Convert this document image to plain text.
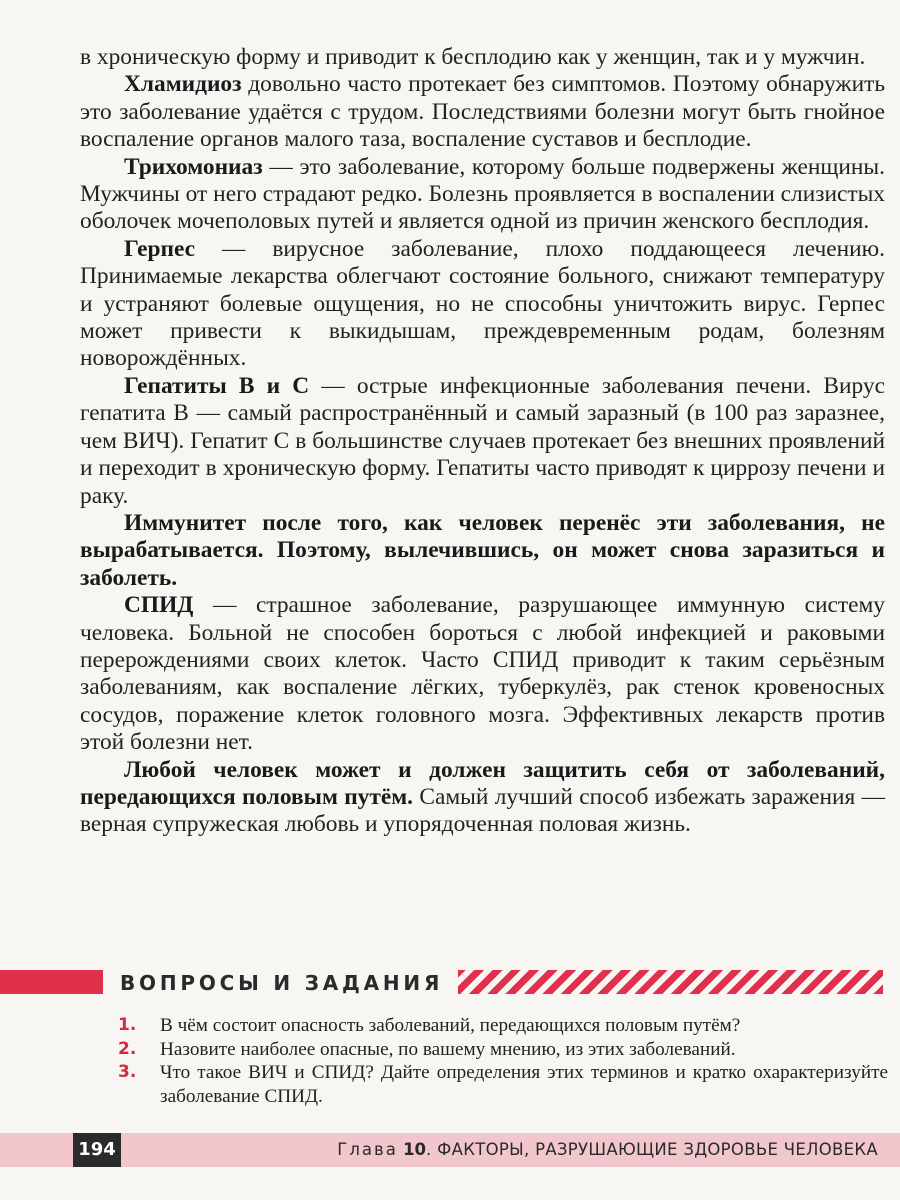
в хроническую форму и приводит к бесплодию как у женщин, так и у мужчин.

Хламидиоз довольно часто протекает без симптомов. Поэтому обнаружить это заболевание удаётся с трудом. Последствиями болезни могут быть гнойное воспаление органов малого таза, воспаление суставов и бесплодие.

Трихомониаз — это заболевание, которому больше подвержены женщины. Мужчины от него страдают редко. Болезнь проявляется в воспалении слизистых оболочек мочеполовых путей и является одной из причин женского бесплодия.

Герпес — вирусное заболевание, плохо поддающееся лечению. Принимаемые лекарства облегчают состояние больного, снижают температуру и устраняют болевые ощущения, но не способны уничтожить вирус. Герпес может привести к выкидышам, преждевременным родам, болезням новорождённых.

Гепатиты В и С — острые инфекционные заболевания печени. Вирус гепатита В — самый распространённый и самый заразный (в 100 раз заразнее, чем ВИЧ). Гепатит С в большинстве случаев протекает без внешних проявлений и переходит в хроническую форму. Гепатиты часто приводят к циррозу печени и раку.

Иммунитет после того, как человек перенёс эти заболевания, не вырабатывается. Поэтому, вылечившись, он может снова заразиться и заболеть.

СПИД — страшное заболевание, разрушающее иммунную систему человека. Больной не способен бороться с любой инфекцией и раковыми перерождениями своих клеток. Часто СПИД приводит к таким серьёзным заболеваниям, как воспаление лёгких, туберкулёз, рак стенок кровеносных сосудов, поражение клеток головного мозга. Эффективных лекарств против этой болезни нет.

Любой человек может и должен защитить себя от заболеваний, передающихся половым путём. Самый лучший способ избежать заражения — верная супружеская любовь и упорядоченная половая жизнь.

ВОПРОСЫ И ЗАДАНИЯ
1.	В чём состоит опасность заболеваний, передающихся половым путём?
2.	Назовите наиболее опасные, по вашему мнению, из этих заболеваний.
3.	Что такое ВИЧ и СПИД? Дайте определения этих терминов и кратко охарактеризуйте заболевание СПИД.
194	Глава 10. ФАКТОРЫ, РАЗРУШАЮЩИЕ ЗДОРОВЬЕ ЧЕЛОВЕКА
